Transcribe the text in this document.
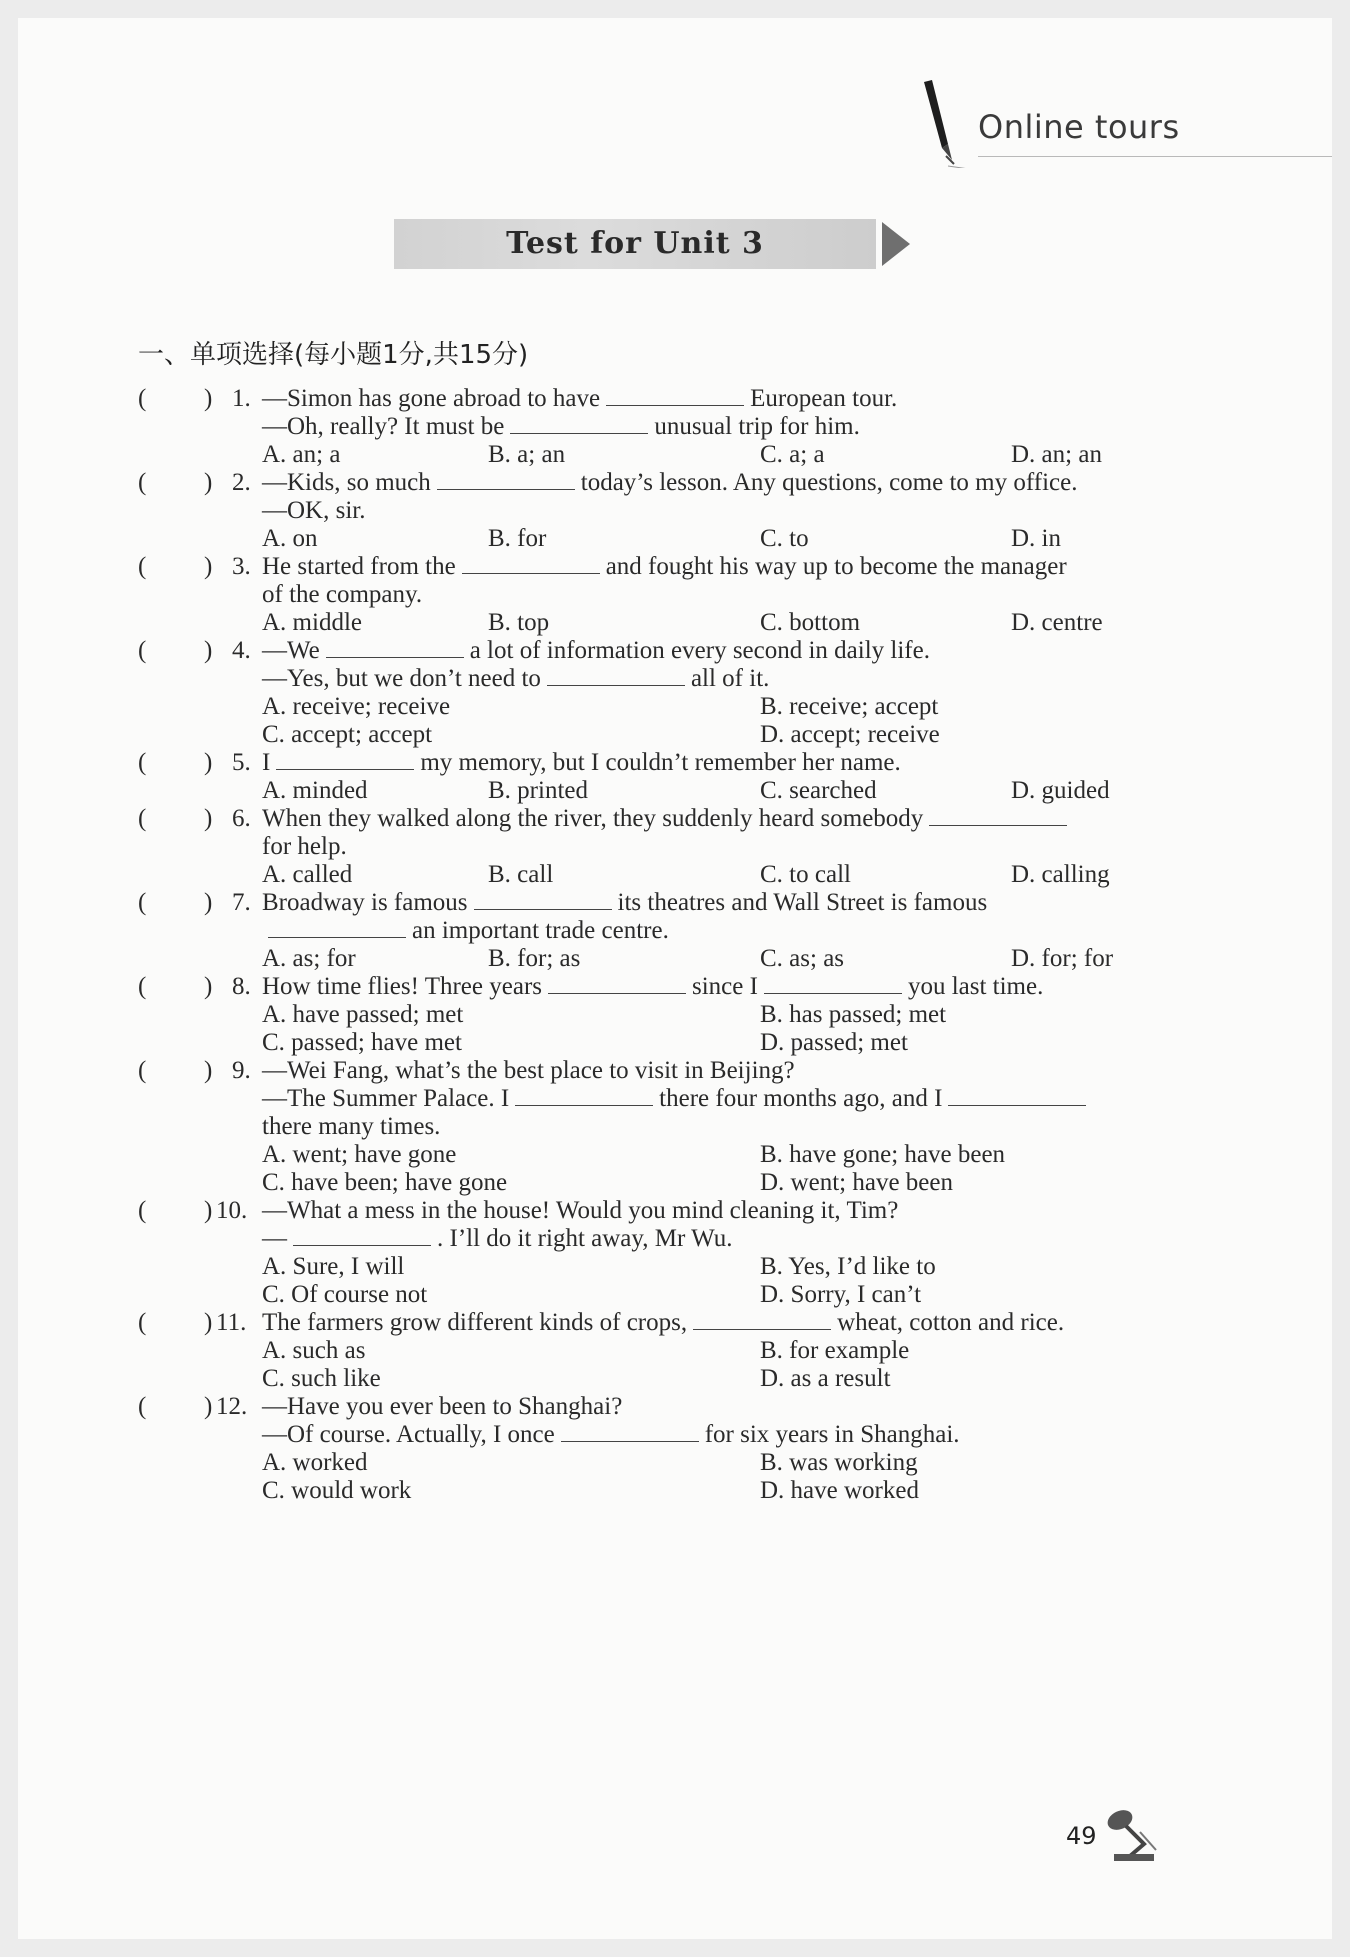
Online tours
Test for Unit 3
一、单项选择(每小题1分,共15分)
( ) 1. —Simon has gone abroad to have	European tour.
—Oh, really? It must be	unusual trip for him.
A. an; a	B. a; an	C. a; a	D. an; an
( ) 2. —Kids, so much	today’s lesson. Any questions, come to my office.
—OK, sir.
A. on	B. for	C. to	D. in
( ) 3. He started from the	and fought his way up to become the manager
of the company.
A. middle	B. top	C. bottom	D. centre
( ) 4. —We	a lot of information every second in daily life.
—Yes, but we don’t need to	all of it.
A. receive; receive	B. receive; accept
C. accept; accept	D. accept; receive
( ) 5. I	my memory, but I couldn’t remember her name.
A. minded	B. printed	C. searched	D. guided
( ) 6. When they walked along the river, they suddenly heard somebody
for help.
A. called	B. call	C. to call	D. calling
( ) 7. Broadway is famous	its theatres and Wall Street is famous
an important trade centre.
A. as; for	B. for; as	C. as; as	D. for; for
( ) 8. How time flies! Three years	since I	you last time.
A. have passed; met	B. has passed; met
C. passed; have met	D. passed; met
( ) 9. —Wei Fang, what’s the best place to visit in Beijing?
—The Summer Palace. I	there four months ago, and I
there many times.
A. went; have gone	B. have gone; have been
C. have been; have gone	D. went; have been
( ) 10. —What a mess in the house! Would you mind cleaning it, Tim?
—	. I’ll do it right away, Mr Wu.
A. Sure, I will	B. Yes, I’d like to
C. Of course not	D. Sorry, I can’t
( ) 11. The farmers grow different kinds of crops,	wheat, cotton and rice.
A. such as	B. for example
C. such like	D. as a result
( ) 12. —Have you ever been to Shanghai?
—Of course. Actually, I once	for six years in Shanghai.
A. worked	B. was working
C. would work	D. have worked
49
